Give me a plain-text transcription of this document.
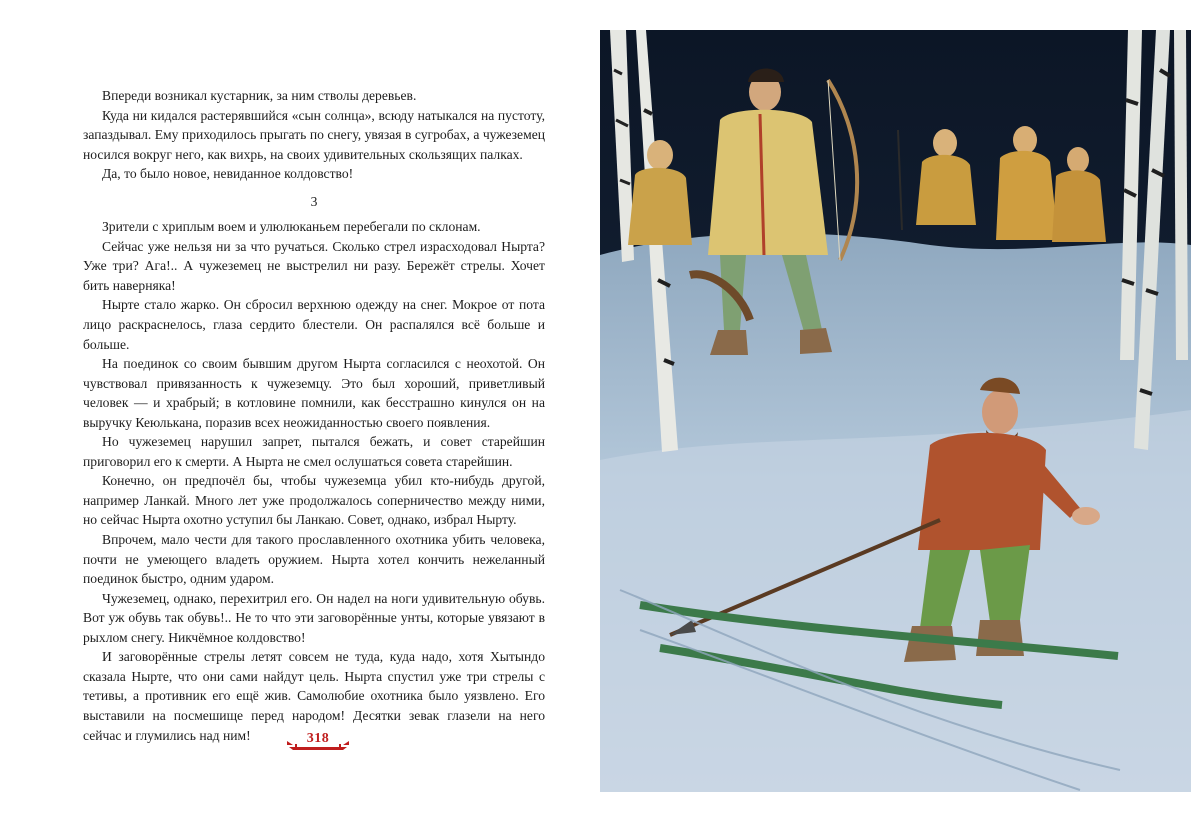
Впереди возникал кустарник, за ним стволы деревьев.

Куда ни кидался растерявшийся «сын солнца», всюду натыкался на пустоту, запаздывал. Ему приходилось прыгать по снегу, увязая в сугробах, а чужеземец носился вокруг него, как вихрь, на своих удивительных скользящих палках.

Да, то было новое, невиданное колдовство!

3

Зрители с хриплым воем и улюлюканьем перебегали по склонам.

Сейчас уже нельзя ни за что ручаться. Сколько стрел израсходовал Нырта? Уже три? Ага!.. А чужеземец не выстрелил ни разу. Бережёт стрелы. Хочет бить наверняка!

Нырте стало жарко. Он сбросил верхнюю одежду на снег. Мокрое от пота лицо раскраснелось, глаза сердито блестели. Он распалялся всё больше и больше.

На поединок со своим бывшим другом Нырта согласился с неохотой. Он чувствовал привязанность к чужеземцу. Это был хороший, приветливый человек — и храбрый; в котловине помнили, как бесстрашно кинулся он на выручку Кеюлькана, поразив всех неожиданностью своего появления.

Но чужеземец нарушил запрет, пытался бежать, и совет старейшин приговорил его к смерти. А Нырта не смел ослушаться совета старейшин.

Конечно, он предпочёл бы, чтобы чужеземца убил кто-нибудь другой, например Ланкай. Много лет уже продолжалось соперничество между ними, но сейчас Нырта охотно уступил бы Ланкаю. Совет, однако, избрал Нырту.

Впрочем, мало чести для такого прославленного охотника убить человека, почти не умеющего владеть оружием. Нырта хотел кончить нежеланный поединок быстро, одним ударом.

Чужеземец, однако, перехитрил его. Он надел на ноги удивительную обувь. Вот уж обувь так обувь!.. Не то что эти заговорённые унты, которые увязают в рыхлом снегу. Никчёмное колдовство!

И заговорённые стрелы летят совсем не туда, куда надо, хотя Хытындо сказала Нырте, что они сами найдут цель. Нырта спустил уже три стрелы с тетивы, а противник его ещё жив. Самолюбие охотника было уязвлено. Его выставили на посмешище перед народом! Десятки зевак глазели на него сейчас и глумились над ним!	318
